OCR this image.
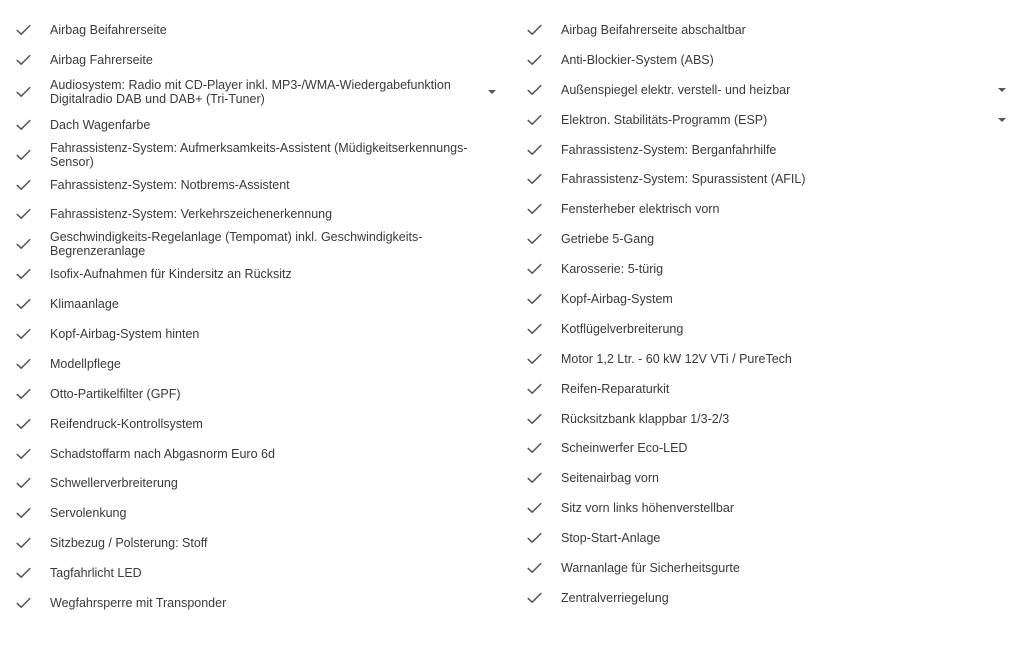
Airbag Beifahrerseite
Airbag Fahrerseite
Audiosystem: Radio mit CD-Player inkl. MP3-/WMA-Wiedergabefunktion
Digitalradio DAB und DAB+ (Tri-Tuner)
Dach Wagenfarbe
Fahrassistenz-System: Aufmerksamkeits-Assistent (Müdigkeitserkennungs-Sensor)
Fahrassistenz-System: Notbrems-Assistent
Fahrassistenz-System: Verkehrszeichenerkennung
Geschwindigkeits-Regelanlage (Tempomat) inkl. Geschwindigkeits-Begrenzeranlage
Isofix-Aufnahmen für Kindersitz an Rücksitz
Klimaanlage
Kopf-Airbag-System hinten
Modellpflege
Otto-Partikelfilter (GPF)
Reifendruck-Kontrollsystem
Schadstoffarm nach Abgasnorm Euro 6d
Schwellerverbreiterung
Servolenkung
Sitzbezug / Polsterung: Stoff
Tagfahrlicht LED
Wegfahrsperre mit Transponder
Airbag Beifahrerseite abschaltbar
Anti-Blockier-System (ABS)
Außenspiegel elektr. verstell- und heizbar
Elektron. Stabilitäts-Programm (ESP)
Fahrassistenz-System: Berganfahrhilfe
Fahrassistenz-System: Spurassistent (AFIL)
Fensterheber elektrisch vorn
Getriebe 5-Gang
Karosserie: 5-türig
Kopf-Airbag-System
Kotflügelverbreiterung
Motor 1,2 Ltr. - 60 kW 12V VTi / PureTech
Reifen-Reparaturkit
Rücksitzbank klappbar 1/3-2/3
Scheinwerfer Eco-LED
Seitenairbag vorn
Sitz vorn links höhenverstellbar
Stop-Start-Anlage
Warnanlage für Sicherheitsgurte
Zentralverriegelung
